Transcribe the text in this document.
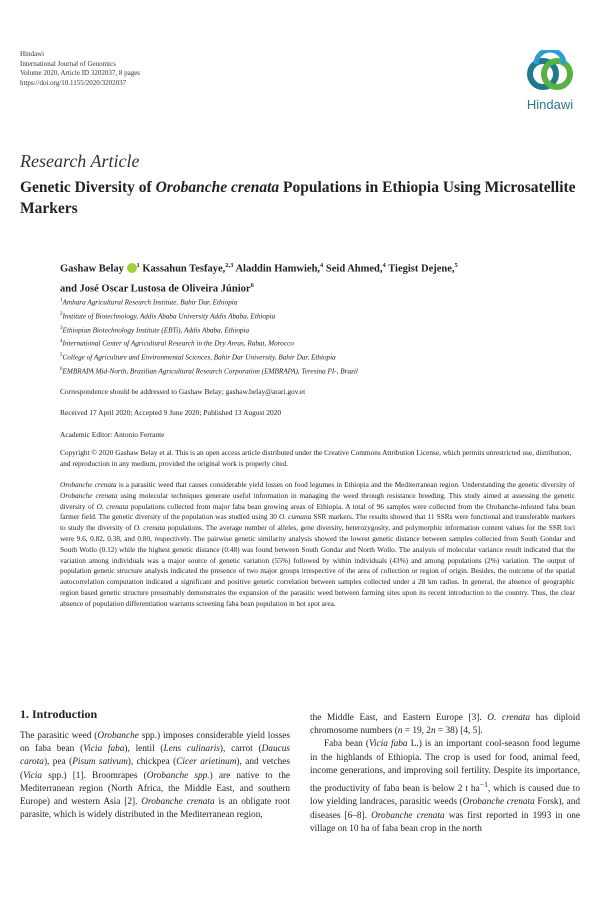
Hindawi
International Journal of Genomics
Volume 2020, Article ID 3202037, 8 pages
https://doi.org/10.1155/2020/3202037
Hindawi
Research Article
Genetic Diversity of Orobanche crenata Populations in Ethiopia Using Microsatellite Markers

Gashaw Belay $^1$ Kassahun Tesfaye,$^{2,3}$ Aladdin Hamwieh,$^4$ Seid Ahmed,$^4$ Tiegist Dejene,$^5$
and José Oscar Lustosa de Oliveira Júnior$^6$

$^1$Amhara Agricultural Research Institute, Bahir Dar, Ethiopia
$^2$Institute of Biotechnology, Addis Ababa University Addis Ababa, Ethiopia
$^3$Ethiopian Biotechnology Institute (EBTi), Addis Ababa, Ethiopia
$^4$International Center of Agricultural Research in the Dry Areas, Rabat, Morocco
$^5$College of Agriculture and Environmental Sciences, Bahir Dar University, Bahir Dar, Ethiopia
$^6$EMBRAPA Mid-North, Brazilian Agricultural Research Corporation (EMBRAPA), Teresina PI-, Brazil
Correspondence should be addressed to Gashaw Belay; gashaw.belay@arari.gov.et
Received 17 April 2020; Accepted 9 June 2020; Published 13 August 2020
Academic Editor: Antonio Ferrante

Copyright © 2020 Gashaw Belay et al. This is an open access article distributed under the Creative Commons Attribution License, which permits unrestricted use, distribution, and reproduction in any medium, provided the original work is properly cited.

Orobanche crenata is a parasitic weed that causes considerable yield losses on food legumes in Ethiopia and the Mediterranean region. Understanding the genetic diversity of Orobanche crenata using molecular techniques generate useful information in managing the weed through resistance breeding. This study aimed at assessing the genetic diversity of O. crenata populations collected from major faba bean growing areas of Ethiopia. A total of 96 samples were collected from the Orobanche-infested faba bean farmer field. The genetic diversity of the population was studied using 30 O. cumana SSR markers. The results showed that 11 SSRs were functional and transferable markers to study the diversity of O. crenata populations. The average number of alleles, gene diversity, heterozygosity, and polymorphic information content values for the SSR loci were 9.6, 0.82, 0.38, and 0.80, respectively. The pairwise genetic similarity analysis showed the lowest genetic distance between samples collected from South Gondar and South Wollo (0.12) while the highest genetic distance (0.48) was found between South Gondar and North Wollo. The analysis of molecular variance result indicated that the variation among individuals was a major source of genetic variation (55%) followed by within individuals (43%) and among populations (2%) variation. The output of population genetic structure analysis indicated the presence of two major groups irrespective of the area of collection or region of origin. Besides, the outcome of the spatial autocorrelation computation indicated a significant and positive genetic correlation between samples collected under a 28 km radius. In general, the absence of geographic region based genetic structure presumably demonstrates the expansion of the parasitic weed between farming sites upon its recent introduction to the country. Thus, the clear absence of population differentiation warrants screening faba bean population in hot spot area.

1. Introduction

The parasitic weed (Orobanche spp.) imposes considerable yield losses on faba bean (Vicia faba), lentil (Lens culinaris), carrot (Daucus carota), pea (Pisum sativum), chickpea (Cicer arietinum), and vetches (Vicia spp.) [1]. Broomrapes (Orobanche spp.) are native to the Mediterranean region (North Africa, the Middle East, and southern Europe) and western Asia [2]. Orobanche crenata is an obligate root parasite, which is widely distributed in the Mediterranean region,

the Middle East, and Eastern Europe [3]. O. crenata has diploid chromosome numbers (n = 19, 2n = 38) [4, 5].

Faba bean (Vicia faba L.) is an important cool-season food legume in the highlands of Ethiopia. The crop is used for food, animal feed, income generations, and improving soil fertility. Despite its importance, the productivity of faba bean is below 2 t $ha^{-1}$, which is caused due to low yielding landraces, parasitic weeds (Orobanche crenata Forsk), and diseases [6–8]. Orobanche crenata was first reported in 1993 in one village on 10 ha of faba bean crop in the north
